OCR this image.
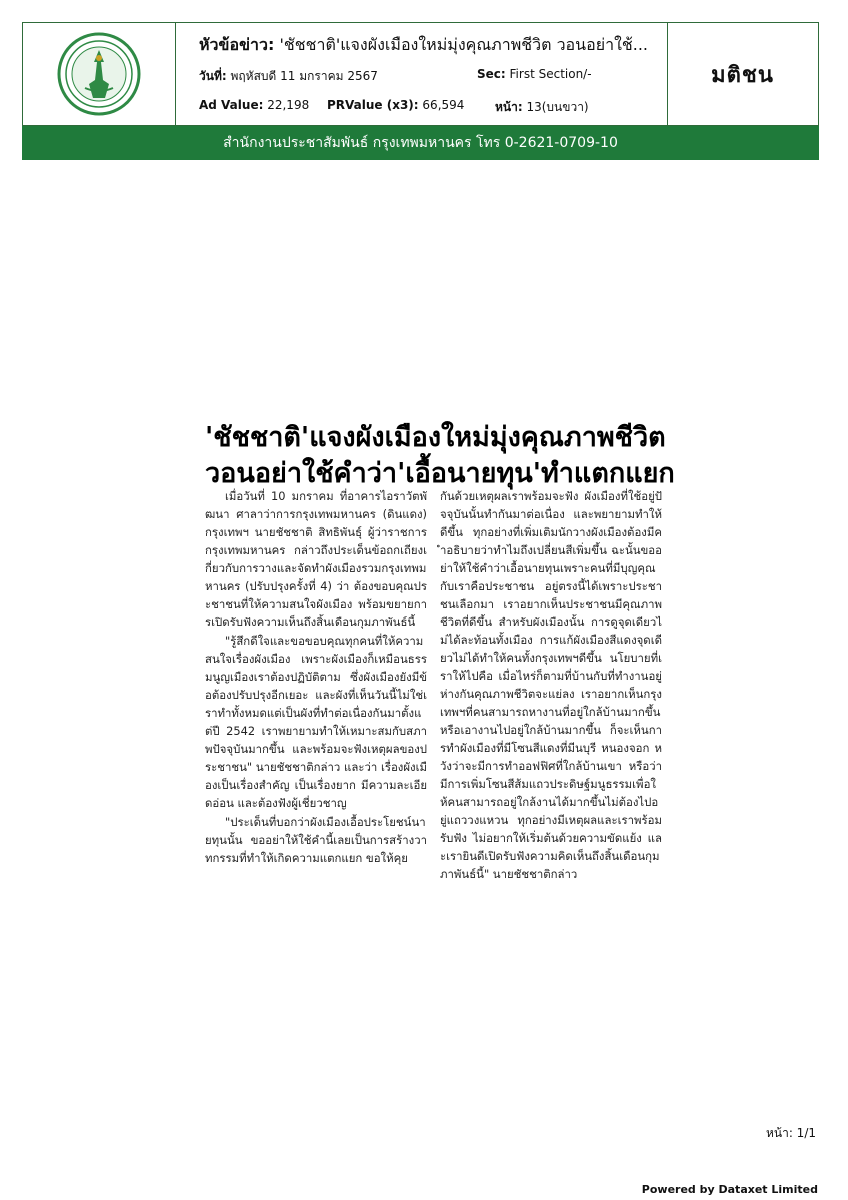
หัวข้อข่าว: 'ชัชชาติ'แจงผังเมืองใหม่มุ่งคุณภาพชีวิต วอนอย่าใช้...
วันที่: พฤหัสบดี 11 มกราคม 2567	Sec: First Section/-
Ad Value: 22,198 PRValue (x3): 66,594	หน้า: 13(บนขวา)
มติชน
สำนักงานประชาสัมพันธ์ กรุงเทพมหานคร โทร 0-2621-0709-10
'ชัชชาติ'แจงผังเมืองใหม่มุ่งคุณภาพชีวิต
วอนอย่าใช้คำว่า'เอื้อนายทุน'ทำแตกแยก

เมื่อวันที่ 10 มกราคม ที่อาคารไอราวัตพัฒนา ศาลาว่าการกรุงเทพมหานคร (ดินแดง) กรุงเทพฯ นายชัชชาติ สิทธิพันธุ์ ผู้ว่าราชการกรุงเทพมหานคร กล่าวถึงประเด็นข้อถกเถียงเกี่ยวกับการวางและจัดทำผังเมืองรวมกรุงเทพมหานคร (ปรับปรุงครั้งที่ 4) ว่า ต้องขอบคุณประชาชนที่ให้ความสนใจผังเมือง พร้อมขยายการเปิดรับฟังความเห็นถึงสิ้นเดือนกุมภาพันธ์นี้

"รู้สึกดีใจและขอขอบคุณทุกคนที่ให้ความสนใจเรื่องผังเมือง เพราะผังเมืองก็เหมือนธรรมนูญเมืองเราต้องปฏิบัติตาม ซึ่งผังเมืองยังมีข้อต้องปรับปรุงอีกเยอะ และผังที่เห็นวันนี้ไม่ใช่เราทำทั้งหมดแต่เป็นผังที่ทำต่อเนื่องกันมาตั้งแต่ปี 2542 เราพยายามทำให้เหมาะสมกับสภาพปัจจุบันมากขึ้น และพร้อมจะฟังเหตุผลของประชาชน" นายชัชชาติกล่าว และว่า เรื่องผังเมืองเป็นเรื่องสำคัญ เป็นเรื่องยาก มีความละเอียดอ่อน และต้องฟังผู้เชี่ยวชาญ

"ประเด็นที่บอกว่าผังเมืองเอื้อประโยชน์นายทุนนั้น ขออย่าให้ใช้คำนี้เลยเป็นการสร้างวาทกรรมที่ทำให้เกิดความแตกแยก ขอให้คุย

กันด้วยเหตุผลเราพร้อมจะฟัง ผังเมืองที่ใช้อยู่ปัจจุบันนั้นทำกันมาต่อเนื่อง และพยายามทำให้ดีขึ้น ทุกอย่างที่เพิ่มเติมนักวางผังเมืองต้องมีคำอธิบายว่าทำไมถึงเปลี่ยนสีเพิ่มขึ้น ฉะนั้นขออย่าให้ใช้คำว่าเอื้อนายทุนเพราะคนที่มีบุญคุณกับเราคือประชาชน อยู่ตรงนี้ได้เพราะประชาชนเลือกมา เราอยากเห็นประชาชนมีคุณภาพชีวิตที่ดีขึ้น สำหรับผังเมืองนั้น การดูจุดเดียวไม่ได้ละท้อนทั้งเมือง การแก้ผังเมืองสีแดงจุดเดียวไม่ได้ทำให้คนทั้งกรุงเทพฯดีขึ้น นโยบายที่เราให้ไปคือ เมื่อไหร่ก็ตามที่บ้านกับที่ทำงานอยู่ห่างกันคุณภาพชีวิตจะแย่ลง เราอยากเห็นกรุงเทพฯที่คนสามารถหางานที่อยู่ใกล้บ้านมากขึ้น หรือเอางานไปอยู่ใกล้บ้านมากขึ้น ก็จะเห็นการทำผังเมืองที่มีโซนสีแดงที่มีนบุรี หนองจอก หวังว่าจะมีการทำออฟฟิศที่ใกล้บ้านเขา หรือว่ามีการเพิ่มโซนสีส้มแถวประดิษฐ์มนูธรรมเพื่อให้คนสามารถอยู่ใกล้งานได้มากขึ้นไม่ต้องไปอยู่แถววงแหวน ทุกอย่างมีเหตุผลและเราพร้อมรับฟัง ไม่อยากให้เริ่มต้นด้วยความขัดแย้ง และเรายินดีเปิดรับฟังความคิดเห็นถึงสิ้นเดือนกุมภาพันธ์นี้" นายชัชชาติกล่าว

หน้า: 1/1
Powered by Dataxet Limited
